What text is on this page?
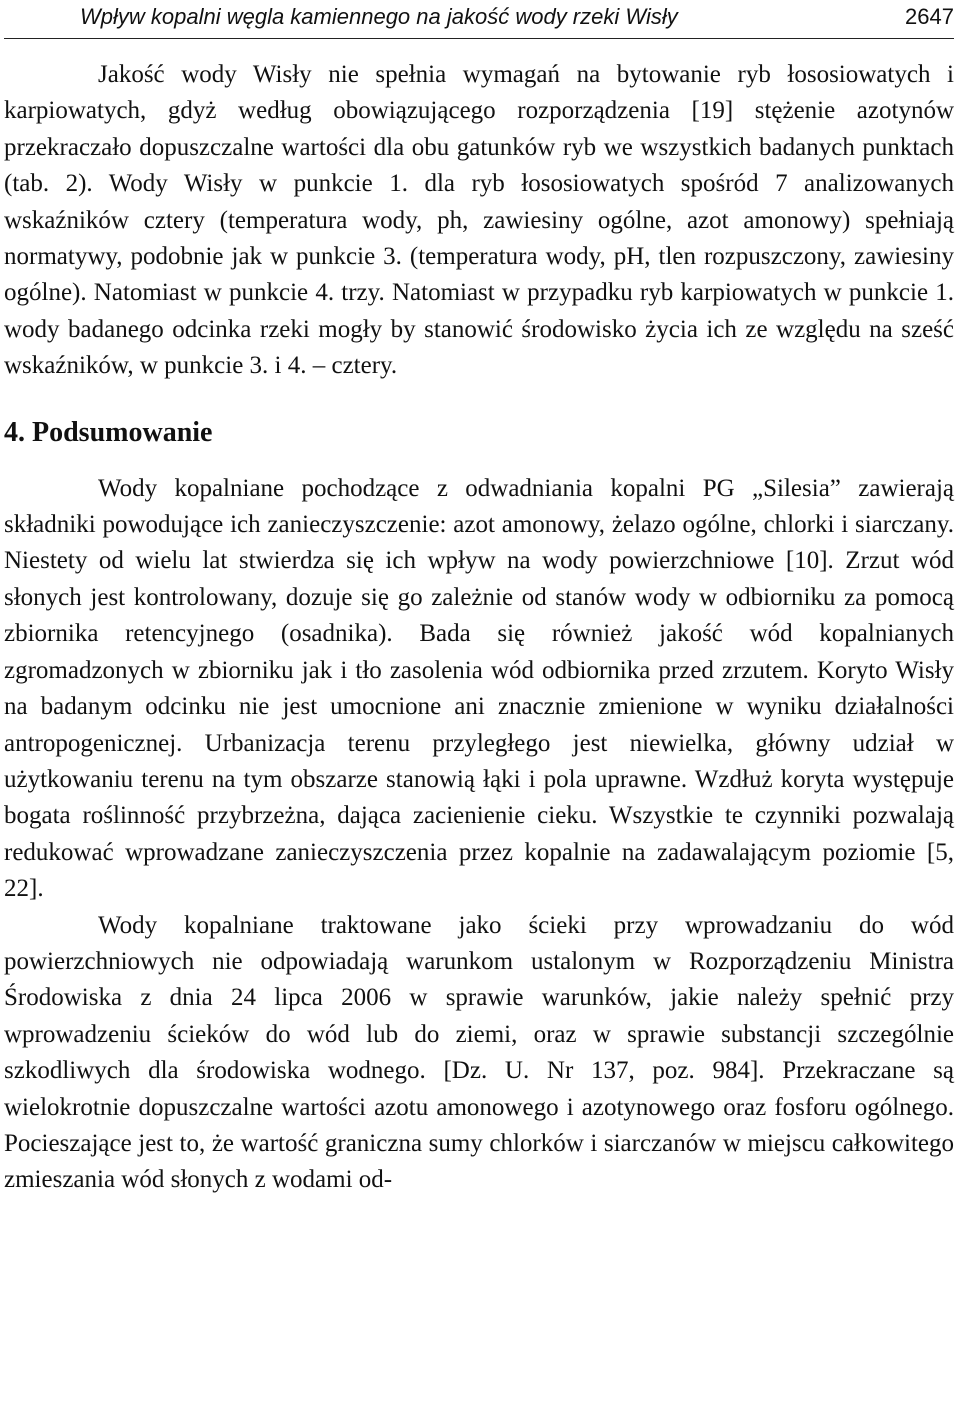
Wpływ kopalni węgla kamiennego na jakość wody rzeki Wisły	2647

Jakość wody Wisły nie spełnia wymagań na bytowanie ryb łososiowatych i karpiowatych, gdyż według obowiązującego rozporządzenia [19] stężenie azotynów przekraczało dopuszczalne wartości dla obu gatunków ryb we wszystkich badanych punktach (tab. 2). Wody Wisły w punkcie 1. dla ryb łososiowatych spośród 7 analizowanych wskaźników cztery (temperatura wody, ph, zawiesiny ogólne, azot amonowy) spełniają normatywy, podobnie jak w punkcie 3. (temperatura wody, pH, tlen rozpuszczony, zawiesiny ogólne). Natomiast w punkcie 4. trzy. Natomiast w przypadku ryb karpiowatych w punkcie 1. wody badanego odcinka rzeki mogły by stanowić środowisko życia ich ze względu na sześć wskaźników, w punkcie 3. i 4. – cztery.

4. Podsumowanie

Wody kopalniane pochodzące z odwadniania kopalni PG „Silesia” zawierają składniki powodujące ich zanieczyszczenie: azot amonowy, żelazo ogólne, chlorki i siarczany. Niestety od wielu lat stwierdza się ich wpływ na wody powierzchniowe [10]. Zrzut wód słonych jest kontrolowany, dozuje się go zależnie od stanów wody w odbiorniku za pomocą zbiornika retencyjnego (osadnika). Bada się również jakość wód kopalnianych zgromadzonych w zbiorniku jak i tło zasolenia wód odbiornika przed zrzutem. Koryto Wisły na badanym odcinku nie jest umocnione ani znacznie zmienione w wyniku działalności antropogenicznej. Urbanizacja terenu przyległego jest niewielka, główny udział w użytkowaniu terenu na tym obszarze stanowią łąki i pola uprawne. Wzdłuż koryta występuje bogata roślinność przybrzeżna, dająca zacienienie cieku. Wszystkie te czynniki pozwalają redukować wprowadzane zanieczyszczenia przez kopalnie na zadawalającym poziomie [5, 22].

Wody kopalniane traktowane jako ścieki przy wprowadzaniu do wód powierzchniowych nie odpowiadają warunkom ustalonym w Rozporządzeniu Ministra Środowiska z dnia 24 lipca 2006 w sprawie warunków, jakie należy spełnić przy wprowadzeniu ścieków do wód lub do ziemi, oraz w sprawie substancji szczególnie szkodliwych dla środowiska wodnego. [Dz. U. Nr 137, poz. 984]. Przekraczane są wielokrotnie dopuszczalne wartości azotu amonowego i azotynowego oraz fosforu ogólnego. Pocieszające jest to, że wartość graniczna sumy chlorków i siarczanów w miejscu całkowitego zmieszania wód słonych z wodami od-
